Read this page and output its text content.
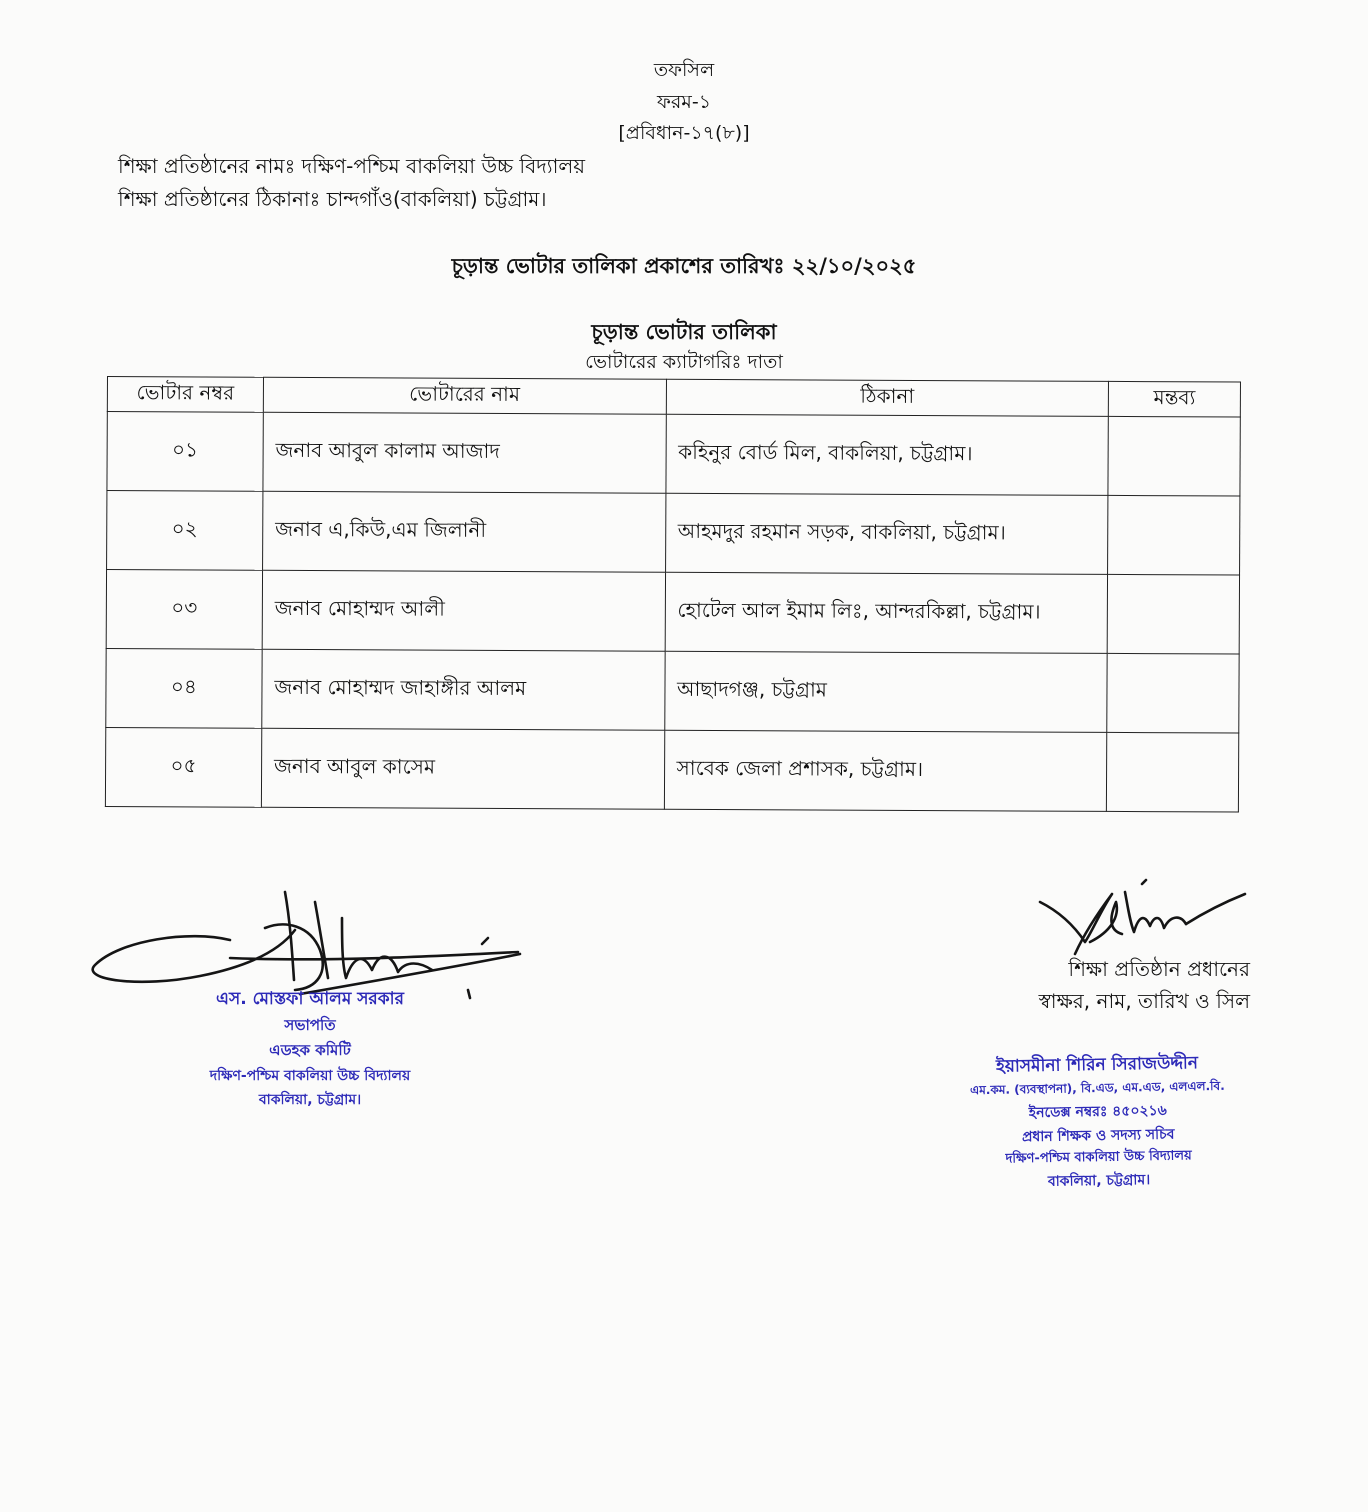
তফসিল
ফরম-১
[প্রবিধান-১৭(৮)]
শিক্ষা প্রতিষ্ঠানের নামঃ দক্ষিণ-পশ্চিম বাকলিয়া উচ্চ বিদ্যালয়
শিক্ষা প্রতিষ্ঠানের ঠিকানাঃ চান্দগাঁও(বাকলিয়া) চট্টগ্রাম।
চূড়ান্ত ভোটার তালিকা প্রকাশের তারিখঃ ২২/১০/২০২৫
চূড়ান্ত ভোটার তালিকা
ভোটারের ক্যাটাগরিঃ দাতা
ভোটার নম্বর	ভোটারের নাম	ঠিকানা	মন্তব্য
০১	জনাব আবুল কালাম আজাদ	কহিনুর বোর্ড মিল, বাকলিয়া, চট্টগ্রাম।	
০২	জনাব এ,কিউ,এম জিলানী	আহমদুর রহমান সড়ক, বাকলিয়া, চট্টগ্রাম।	
০৩	জনাব মোহাম্মদ আলী	হোটেল আল ইমাম লিঃ, আন্দরকিল্লা, চট্টগ্রাম।	
০৪	জনাব মোহাম্মদ জাহাঙ্গীর আলম	আছাদগঞ্জ, চট্টগ্রাম	
০৫	জনাব আবুল কাসেম	সাবেক জেলা প্রশাসক, চট্টগ্রাম।	
এস. মোস্তফা আলম সরকার
সভাপতি
এডহক কমিটি
দক্ষিণ-পশ্চিম বাকলিয়া উচ্চ বিদ্যালয়
বাকলিয়া, চট্টগ্রাম।
শিক্ষা প্রতিষ্ঠান প্রধানের
স্বাক্ষর, নাম, তারিখ ও সিল
ইয়াসমীনা শিরিন সিরাজউদ্দীন
এম.কম. (ব্যবস্থাপনা), বি.এড, এম.এড, এলএল.বি.
ইনডেক্স নম্বরঃ ৪৫০২১৬
প্রধান শিক্ষক ও সদস্য সচিব
দক্ষিণ-পশ্চিম বাকলিয়া উচ্চ বিদ্যালয়
বাকলিয়া, চট্টগ্রাম।
